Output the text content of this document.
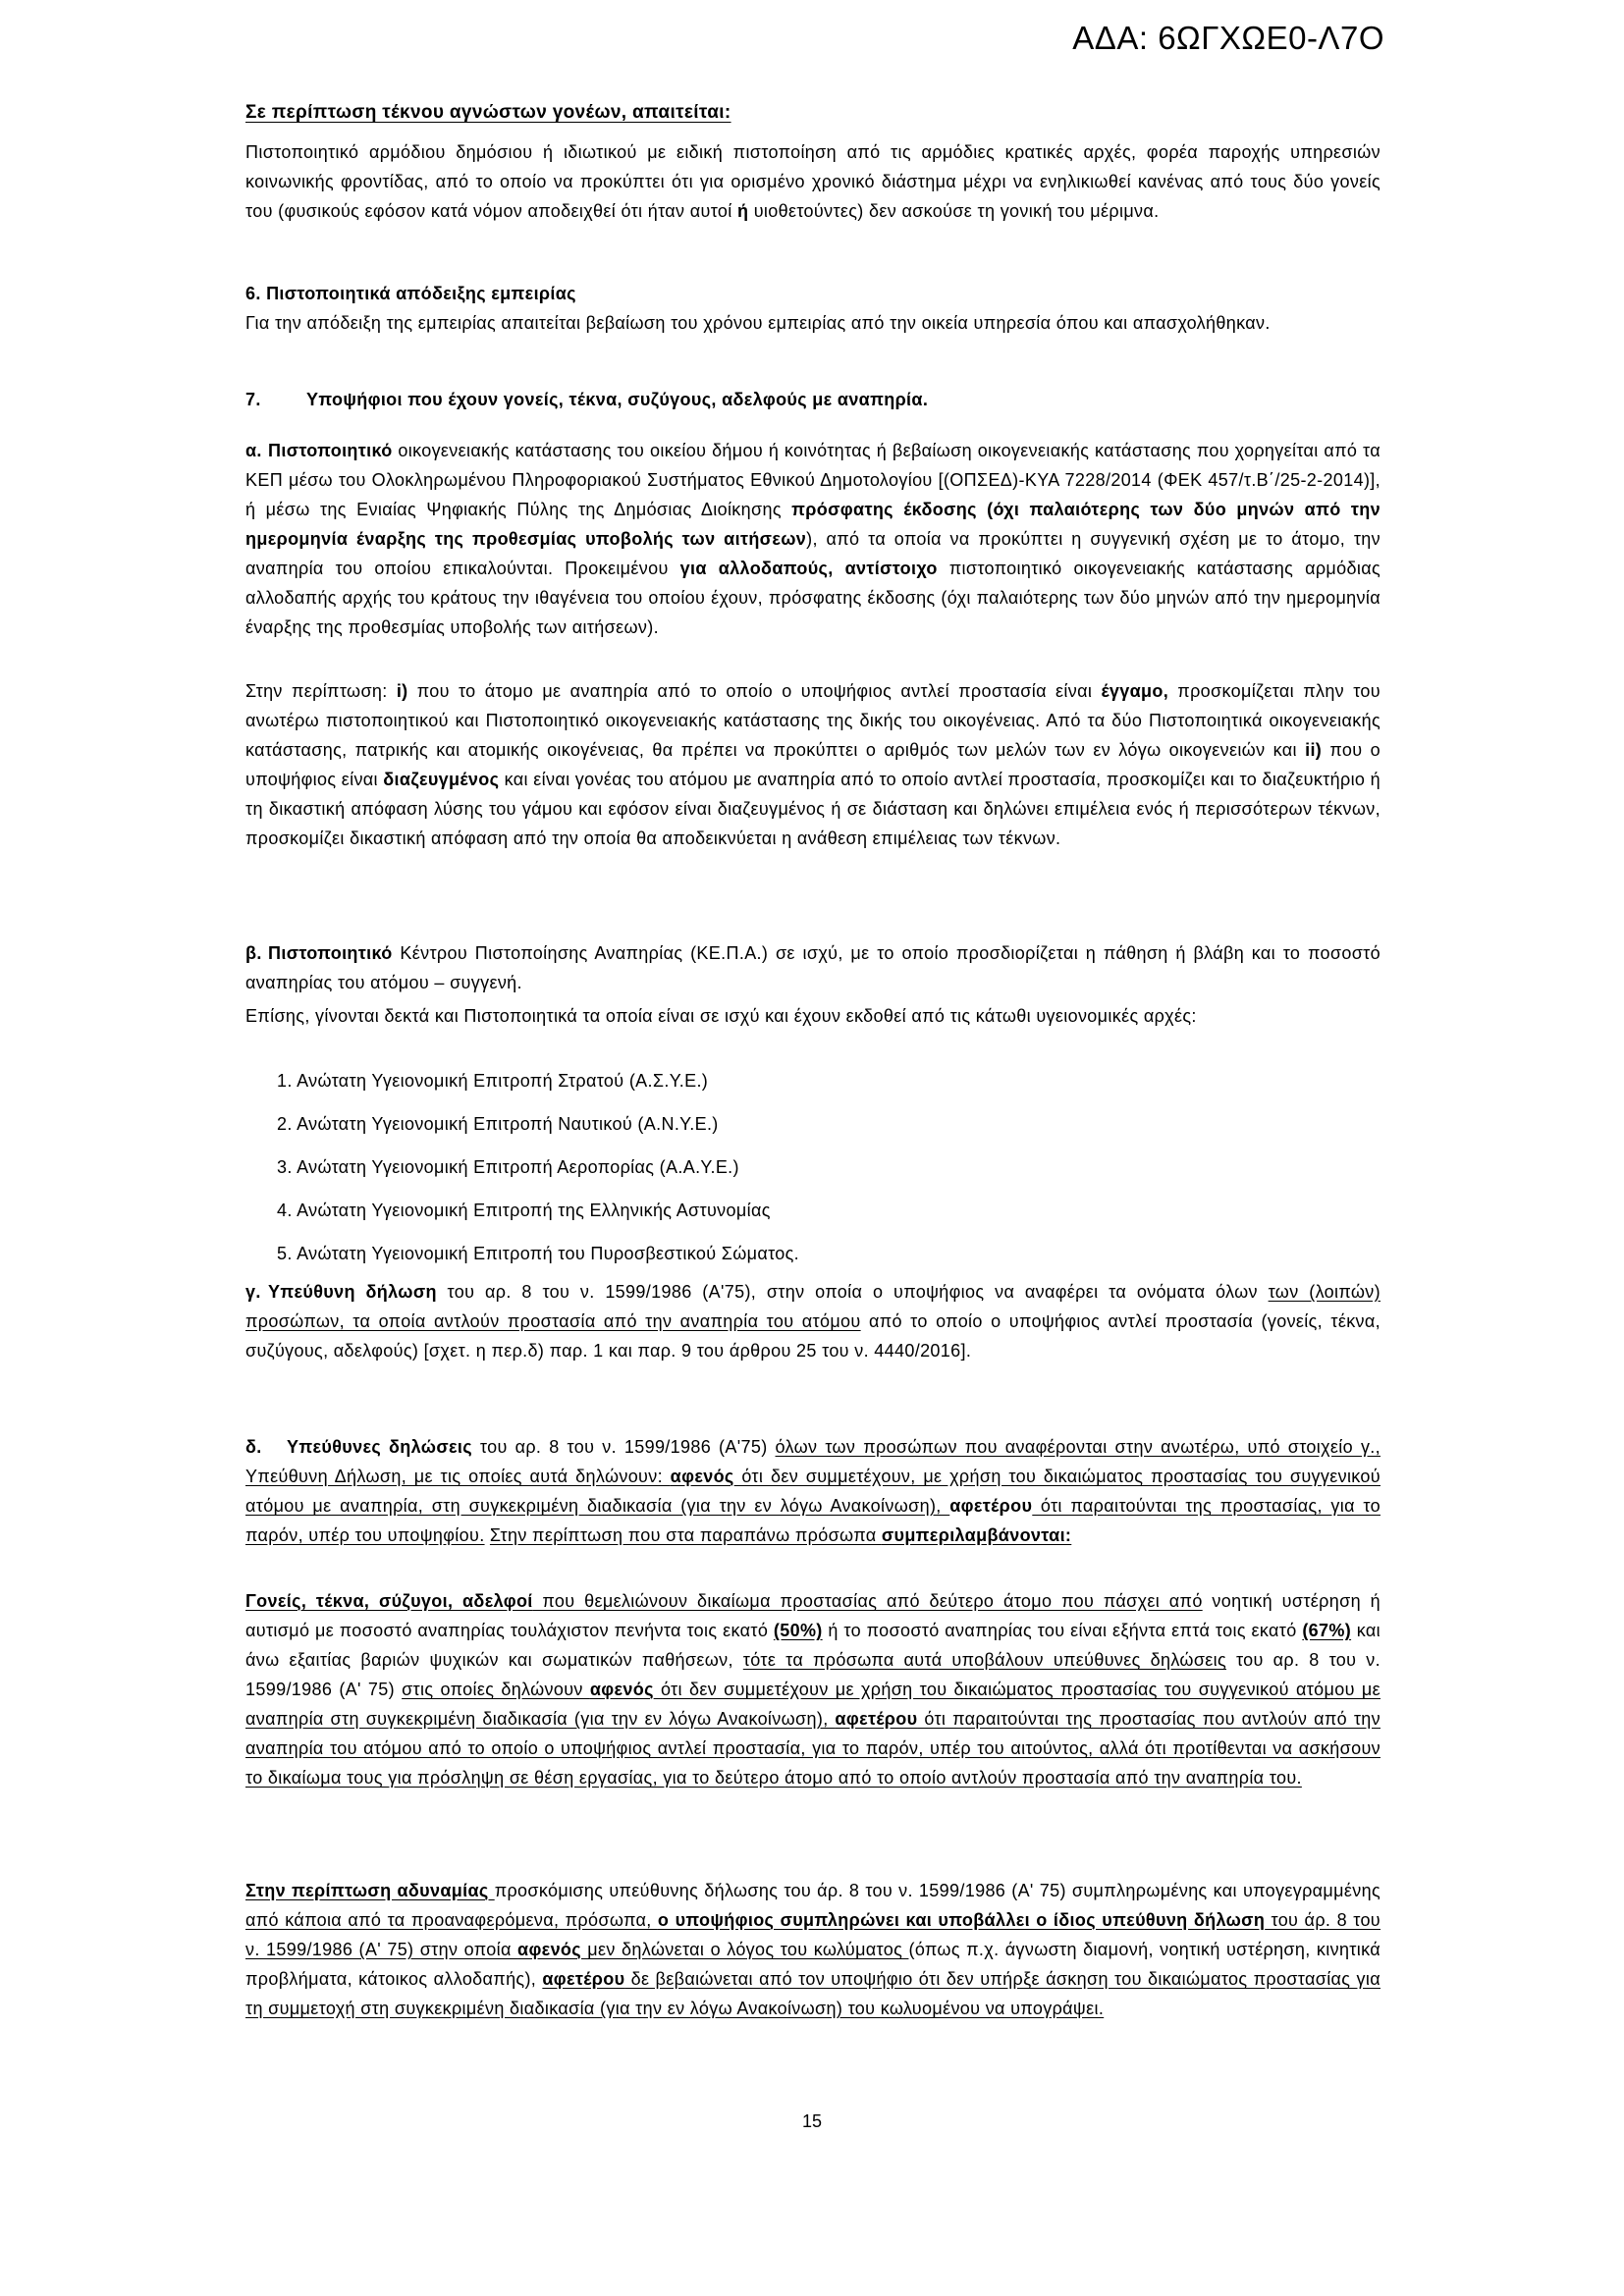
ΑΔΑ: 6ΩΓΧΩΕ0-Λ7Ο
Σε περίπτωση τέκνου αγνώστων γονέων, απαιτείται:
Πιστοποιητικό αρμόδιου δημόσιου ή ιδιωτικού με ειδική πιστοποίηση από τις αρμόδιες κρατικές αρχές, φορέα παροχής υπηρεσιών κοινωνικής φροντίδας, από το οποίο να προκύπτει ότι για ορισμένο χρονικό διάστημα μέχρι να ενηλικιωθεί κανένας από τους δύο γονείς του (φυσικούς εφόσον κατά νόμον αποδειχθεί ότι ήταν αυτοί ή υιοθετούντες) δεν ασκούσε τη γονική του μέριμνα.
6. Πιστοποιητικά απόδειξης εμπειρίας
Για την απόδειξη της εμπειρίας απαιτείται βεβαίωση του χρόνου εμπειρίας από την οικεία υπηρεσία όπου και απασχολήθηκαν.
7.	Υποψήφιοι που έχουν γονείς, τέκνα, συζύγους, αδελφούς με αναπηρία.
α. Πιστοποιητικό οικογενειακής κατάστασης του οικείου δήμου ή κοινότητας ή βεβαίωση οικογενειακής κατάστασης που χορηγείται από τα ΚΕΠ μέσω του Ολοκληρωμένου Πληροφοριακού Συστήματος Εθνικού Δημοτολογίου [(ΟΠΣΕΔ)-ΚΥΑ 7228/2014 (ΦΕΚ 457/τ.Β΄/25-2-2014)], ή μέσω της Ενιαίας Ψηφιακής Πύλης της Δημόσιας Διοίκησης πρόσφατης έκδοσης (όχι παλαιότερης των δύο μηνών από την ημερομηνία έναρξης της προθεσμίας υποβολής των αιτήσεων), από τα οποία να προκύπτει η συγγενική σχέση με το άτομο, την αναπηρία του οποίου επικαλούνται. Προκειμένου για αλλοδαπούς, αντίστοιχο πιστοποιητικό οικογενειακής κατάστασης αρμόδιας αλλοδαπής αρχής του κράτους την ιθαγένεια του οποίου έχουν, πρόσφατης έκδοσης (όχι παλαιότερης των δύο μηνών από την ημερομηνία έναρξης της προθεσμίας υποβολής των αιτήσεων).
Στην περίπτωση: i) που το άτομο με αναπηρία από το οποίο ο υποψήφιος αντλεί προστασία είναι έγγαμο, προσκομίζεται πλην του ανωτέρω πιστοποιητικού και Πιστοποιητικό οικογενειακής κατάστασης της δικής του οικογένειας. Από τα δύο Πιστοποιητικά οικογενειακής κατάστασης, πατρικής και ατομικής οικογένειας, θα πρέπει να προκύπτει ο αριθμός των μελών των εν λόγω οικογενειών και ii) που ο υποψήφιος είναι διαζευγμένος και είναι γονέας του ατόμου με αναπηρία από το οποίο αντλεί προστασία, προσκομίζει και το διαζευκτήριο ή τη δικαστική απόφαση λύσης του γάμου και εφόσον είναι διαζευγμένος ή σε διάσταση και δηλώνει επιμέλεια ενός ή περισσότερων τέκνων, προσκομίζει δικαστική απόφαση από την οποία θα αποδεικνύεται η ανάθεση επιμέλειας των τέκνων.
β. Πιστοποιητικό Κέντρου Πιστοποίησης Αναπηρίας (ΚΕ.Π.Α.) σε ισχύ, με το οποίο προσδιορίζεται η πάθηση ή βλάβη και το ποσοστό αναπηρίας του ατόμου – συγγενή.
Επίσης, γίνονται δεκτά και Πιστοποιητικά τα οποία είναι σε ισχύ και έχουν εκδοθεί από τις κάτωθι υγειονομικές αρχές:
1. Ανώτατη Υγειονομική Επιτροπή Στρατού (Α.Σ.Υ.Ε.)
2. Ανώτατη Υγειονομική Επιτροπή Ναυτικού (Α.Ν.Υ.Ε.)
3. Ανώτατη Υγειονομική Επιτροπή Αεροπορίας (Α.Α.Υ.Ε.)
4. Ανώτατη Υγειονομική Επιτροπή της Ελληνικής Αστυνομίας
5. Ανώτατη Υγειονομική Επιτροπή του Πυροσβεστικού Σώματος.
γ. Υπεύθυνη δήλωση του αρ. 8 του ν. 1599/1986 (Α'75), στην οποία ο υποψήφιος να αναφέρει τα ονόματα όλων των (λοιπών) προσώπων, τα οποία αντλούν προστασία από την αναπηρία του ατόμου από το οποίο ο υποψήφιος αντλεί προστασία (γονείς, τέκνα, συζύγους, αδελφούς) [σχετ. η περ.δ) παρ. 1 και παρ. 9 του άρθρου 25 του ν. 4440/2016].
δ. Υπεύθυνες δηλώσεις του αρ. 8 του ν. 1599/1986 (Α'75) όλων των προσώπων που αναφέρονται στην ανωτέρω, υπό στοιχείο γ., Υπεύθυνη Δήλωση, με τις οποίες αυτά δηλώνουν: αφενός ότι δεν συμμετέχουν, με χρήση του δικαιώματος προστασίας του συγγενικού ατόμου με αναπηρία, στη συγκεκριμένη διαδικασία (για την εν λόγω Ανακοίνωση), αφετέρου ότι παραιτούνται της προστασίας, για το παρόν, υπέρ του υποψηφίου. Στην περίπτωση που στα παραπάνω πρόσωπα συμπεριλαμβάνονται:
Γονείς, τέκνα, σύζυγοι, αδελφοί που θεμελιώνουν δικαίωμα προστασίας από δεύτερο άτομο που πάσχει από νοητική υστέρηση ή αυτισμό με ποσοστό αναπηρίας τουλάχιστον πενήντα τοις εκατό (50%) ή το ποσοστό αναπηρίας του είναι εξήντα επτά τοις εκατό (67%) και άνω εξαιτίας βαριών ψυχικών και σωματικών παθήσεων, τότε τα πρόσωπα αυτά υποβάλουν υπεύθυνες δηλώσεις του αρ. 8 του ν. 1599/1986 (Α' 75) στις οποίες δηλώνουν αφενός ότι δεν συμμετέχουν με χρήση του δικαιώματος προστασίας του συγγενικού ατόμου με αναπηρία στη συγκεκριμένη διαδικασία (για την εν λόγω Ανακοίνωση), αφετέρου ότι παραιτούνται της προστασίας που αντλούν από την αναπηρία του ατόμου από το οποίο ο υποψήφιος αντλεί προστασία, για το παρόν, υπέρ του αιτούντος, αλλά ότι προτίθενται να ασκήσουν το δικαίωμα τους για πρόσληψη σε θέση εργασίας, για το δεύτερο άτομο από το οποίο αντλούν προστασία από την αναπηρία του.
Στην περίπτωση αδυναμίας προσκόμισης υπεύθυνης δήλωσης του άρ. 8 του ν. 1599/1986 (Α' 75) συμπληρωμένης και υπογεγραμμένης από κάποια από τα προαναφερόμενα, πρόσωπα, ο υποψήφιος συμπληρώνει και υποβάλλει ο ίδιος υπεύθυνη δήλωση του άρ. 8 του ν. 1599/1986 (Α' 75) στην οποία αφενός μεν δηλώνεται ο λόγος του κωλύματος (όπως π.χ. άγνωστη διαμονή, νοητική υστέρηση, κινητικά προβλήματα, κάτοικος αλλοδαπής), αφετέρου δε βεβαιώνεται από τον υποψήφιο ότι δεν υπήρξε άσκηση του δικαιώματος προστασίας για τη συμμετοχή στη συγκεκριμένη διαδικασία (για την εν λόγω Ανακοίνωση) του κωλυομένου να υπογράψει.
15
